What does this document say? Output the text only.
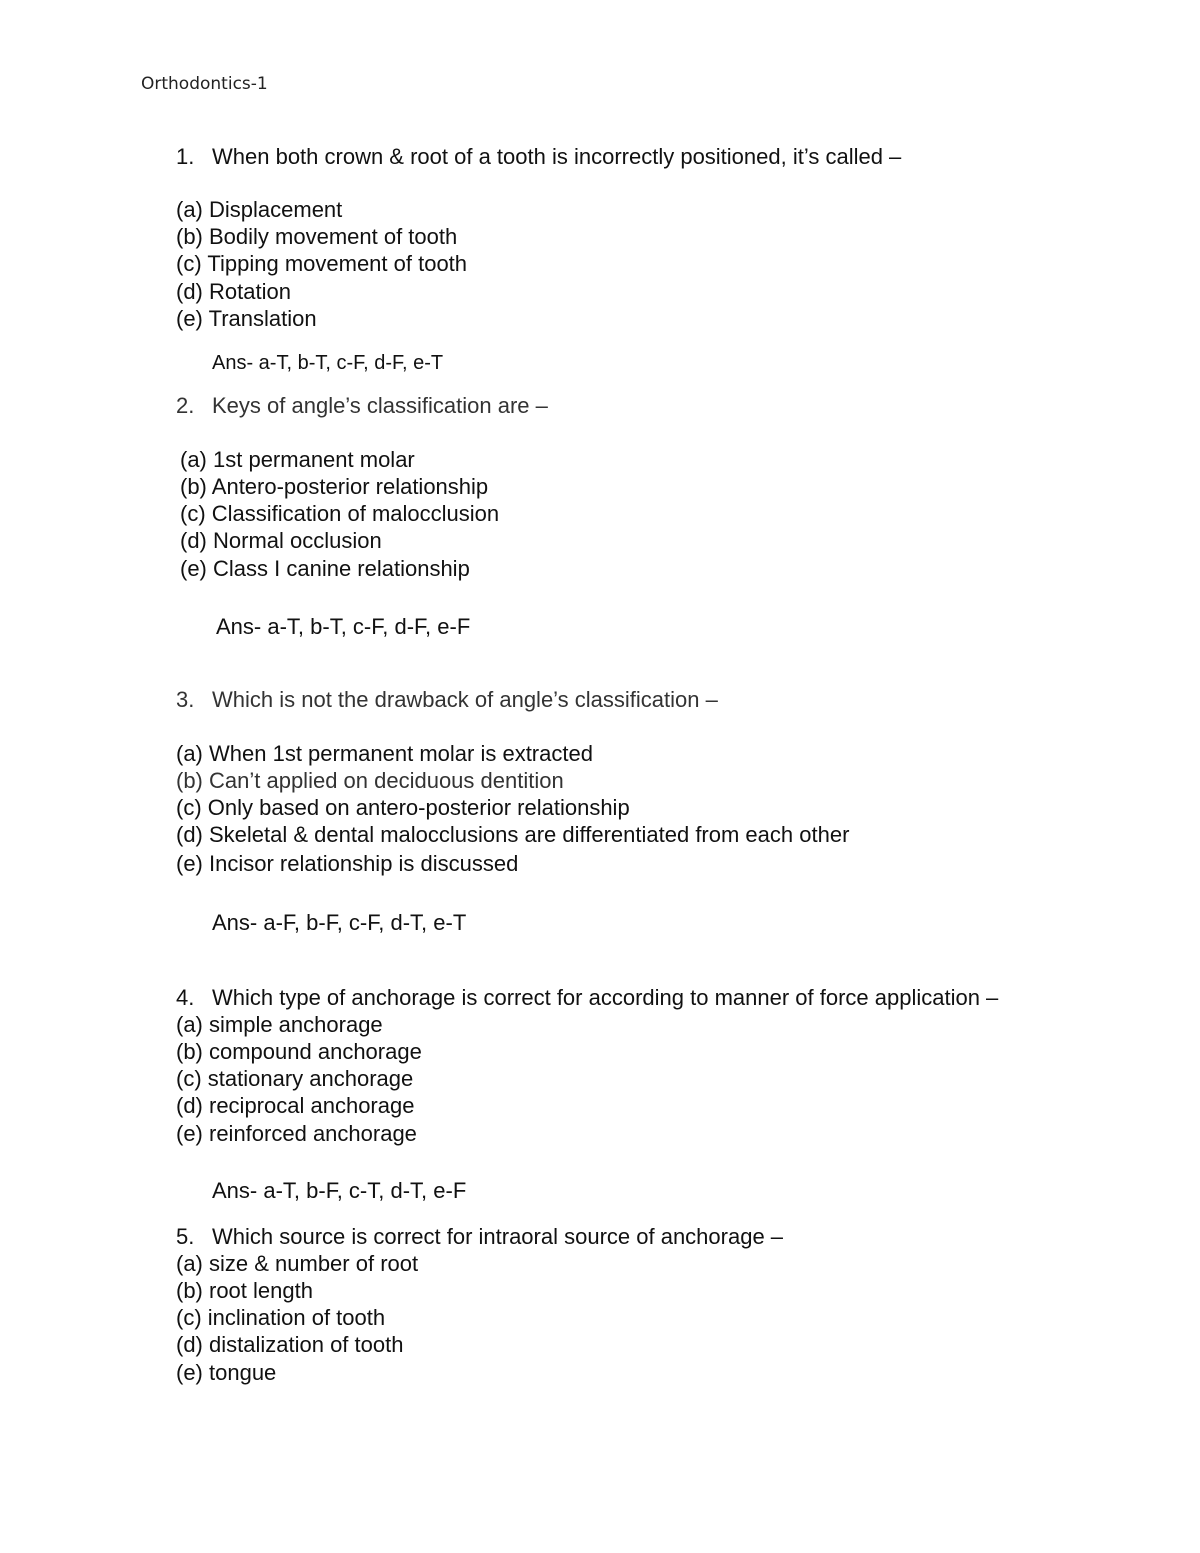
Orthodontics-1
1. When both crown & root of a tooth is incorrectly positioned, it’s called –
(a) Displacement
(b) Bodily movement of tooth
(c) Tipping movement of tooth
(d) Rotation
(e) Translation
Ans- a-T, b-T, c-F, d-F, e-T
2. Keys of angle’s classification are –
(a) 1st permanent molar
(b) Antero-posterior relationship
(c) Classification of malocclusion
(d) Normal occlusion
(e) Class I canine relationship
Ans- a-T, b-T, c-F, d-F, e-F
3. Which is not the drawback of angle’s classification –
(a) When 1st permanent molar is extracted
(b) Can’t applied on deciduous dentition
(c) Only based on antero-posterior relationship
(d) Skeletal & dental malocclusions are differentiated from each other
(e) Incisor relationship is discussed
Ans- a-F, b-F, c-F, d-T, e-T
4. Which type of anchorage is correct for according to manner of force application –
(a) simple anchorage
(b) compound anchorage
(c) stationary anchorage
(d) reciprocal anchorage
(e) reinforced anchorage
Ans- a-T, b-F, c-T, d-T, e-F
5. Which source is correct for intraoral source of anchorage –
(a) size & number of root
(b) root length
(c) inclination of tooth
(d) distalization of tooth
(e) tongue
